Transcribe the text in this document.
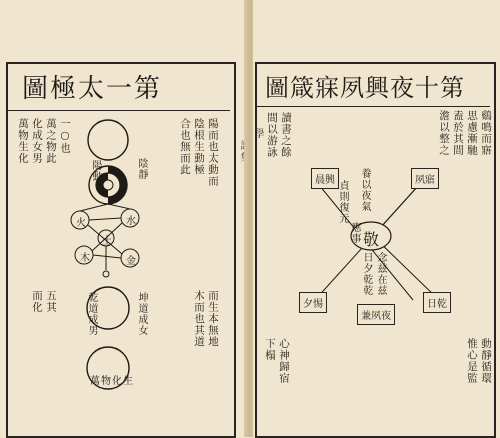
圖極太一第
陰靜
陽動
火	水
土
木	金
乾道成男	坤道成女
萬物化生
陽而也太動而
陰根生動極
合也無而此
而生本無地
木而也其道
一○也
萬之物此
化成女男
萬物生化
五其
而化
圖箴寐夙興夜十第
晨興	夙寤
日乾
夕惕
兼夙夜
敬
應事
養以夜氣
念兹在兹
日夕乾乾
貞則復元
鷄鳴而寤
思慮漸馳
盍於其間
澹以整之
讀書之餘
間以游詠
心神歸宿
下榻	動靜循環
惟心是監
學
